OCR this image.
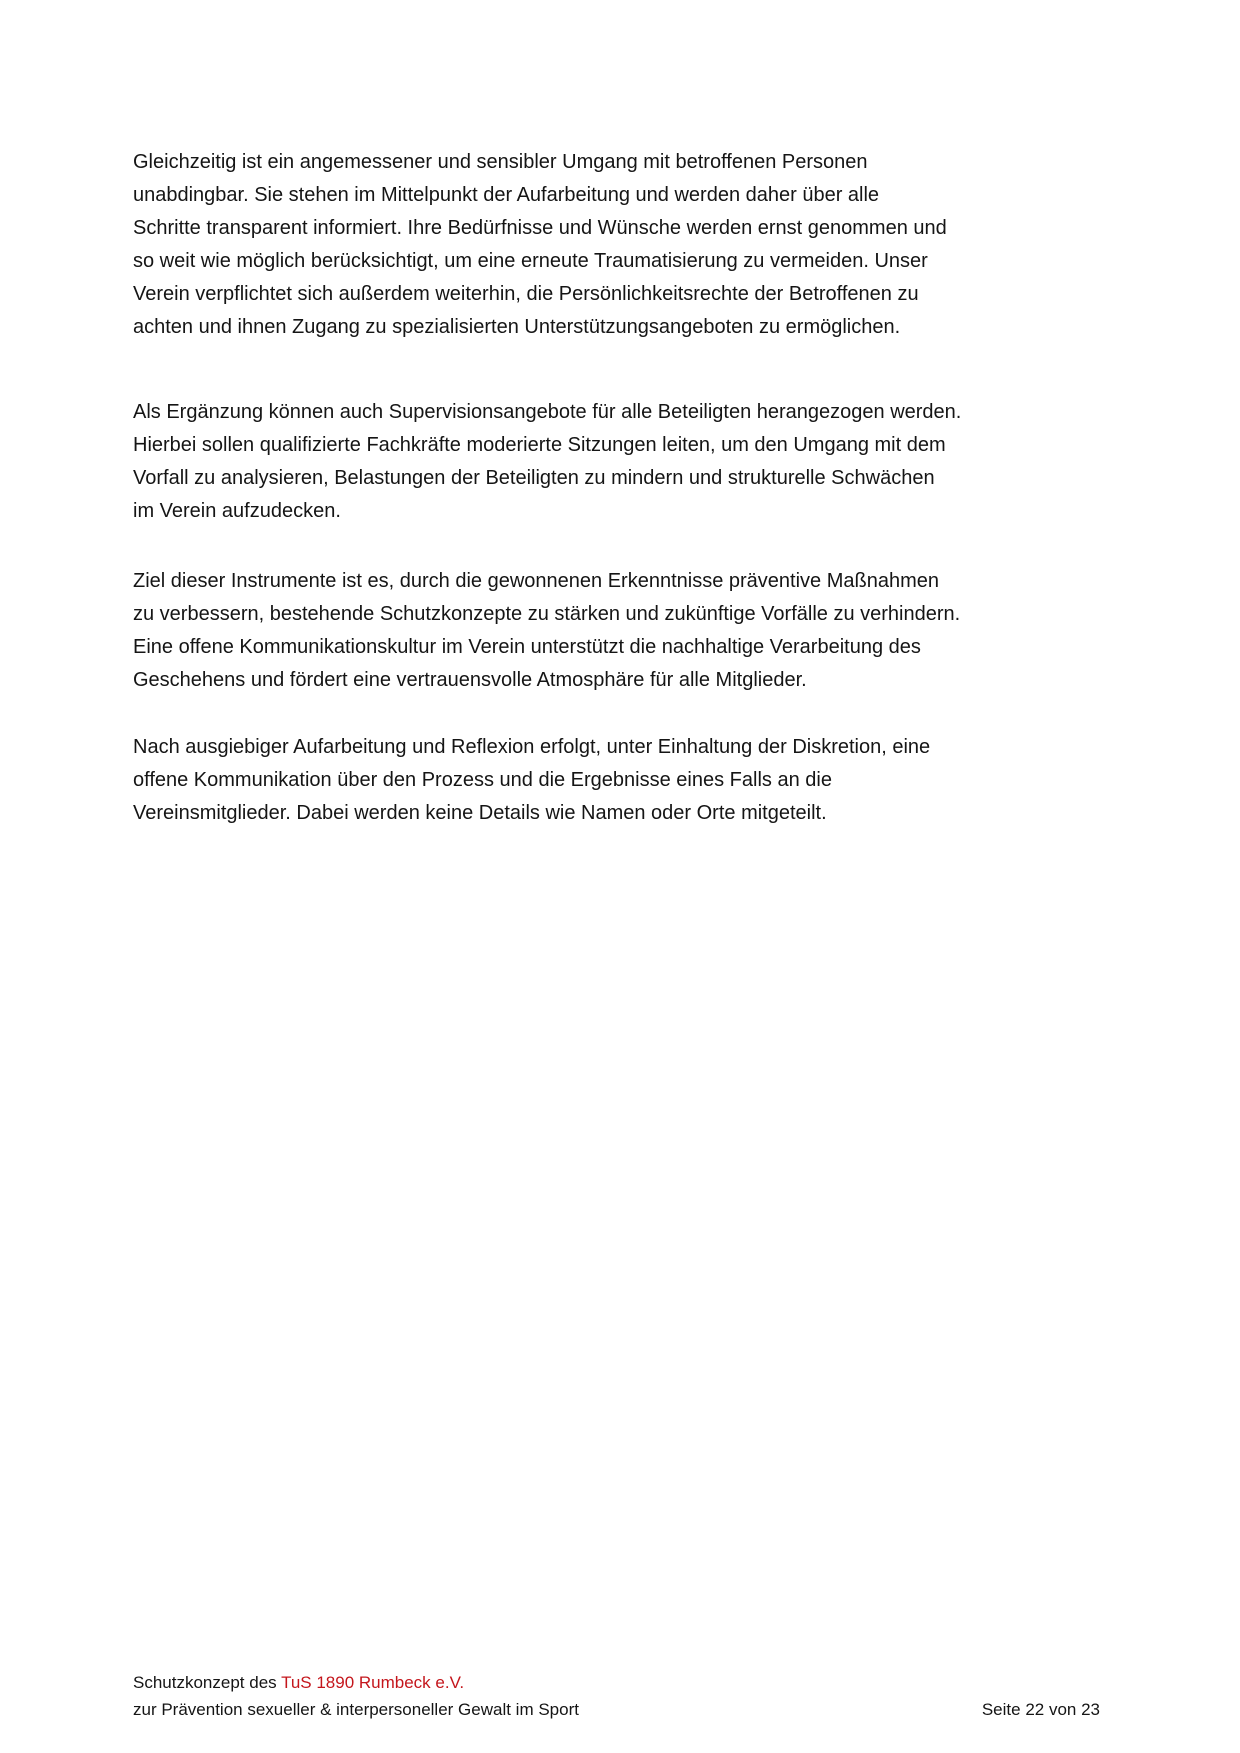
Gleichzeitig ist ein angemessener und sensibler Umgang mit betroffenen Personen
unabdingbar. Sie stehen im Mittelpunkt der Aufarbeitung und werden daher über alle
Schritte transparent informiert. Ihre Bedürfnisse und Wünsche werden ernst genommen und
so weit wie möglich berücksichtigt, um eine erneute Traumatisierung zu vermeiden. Unser
Verein verpflichtet sich außerdem weiterhin, die Persönlichkeitsrechte der Betroffenen zu
achten und ihnen Zugang zu spezialisierten Unterstützungsangeboten zu ermöglichen.

Als Ergänzung können auch Supervisionsangebote für alle Beteiligten herangezogen werden.
Hierbei sollen qualifizierte Fachkräfte moderierte Sitzungen leiten, um den Umgang mit dem
Vorfall zu analysieren, Belastungen der Beteiligten zu mindern und strukturelle Schwächen
im Verein aufzudecken.

Ziel dieser Instrumente ist es, durch die gewonnenen Erkenntnisse präventive Maßnahmen
zu verbessern, bestehende Schutzkonzepte zu stärken und zukünftige Vorfälle zu verhindern.
Eine offene Kommunikationskultur im Verein unterstützt die nachhaltige Verarbeitung des
Geschehens und fördert eine vertrauensvolle Atmosphäre für alle Mitglieder.

Nach ausgiebiger Aufarbeitung und Reflexion erfolgt, unter Einhaltung der Diskretion, eine
offene Kommunikation über den Prozess und die Ergebnisse eines Falls an die
Vereinsmitglieder. Dabei werden keine Details wie Namen oder Orte mitgeteilt.

Schutzkonzept des TuS 1890 Rumbeck e.V.
zur Prävention sexueller & interpersoneller Gewalt im Sport	Seite 22 von 23
